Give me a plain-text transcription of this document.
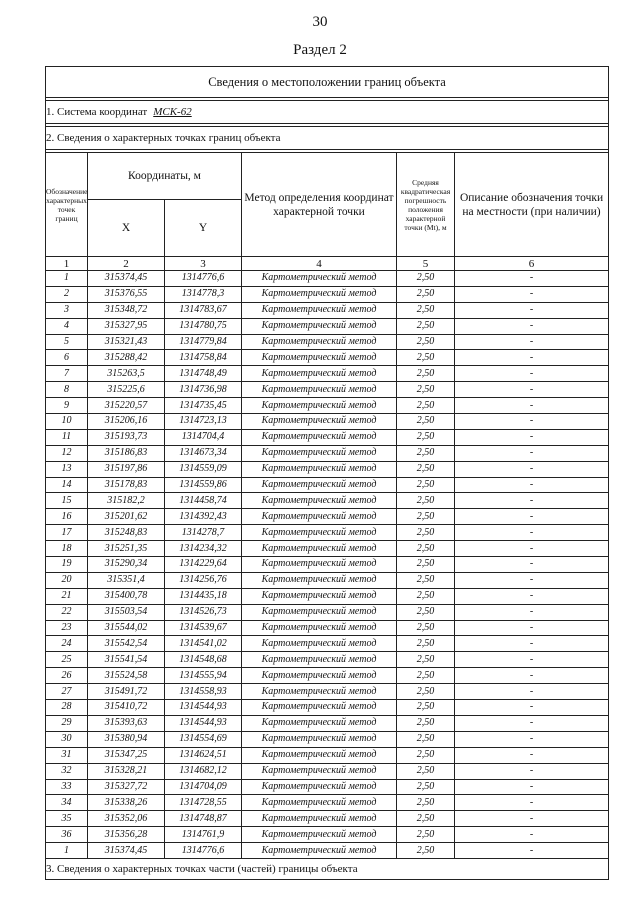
30
Раздел 2
Сведения о местоположении границ объекта					

1. Система координат МСК-62					

2. Сведения о характерных точках границ объекта					

Обозначение характерных точек границ	Координаты, м		Метод определения координат характерной точки	Средняя квадратическая погрешность положения характерной точки (Mt), м	Описание обозначения точки на местности (при наличии)
	X	Y			
1	2	3	4	5	6
1	315374,45	1314776,6	Картометрический метод	2,50	-
2	315376,55	1314778,3	Картометрический метод	2,50	-
3	315348,72	1314783,67	Картометрический метод	2,50	-
4	315327,95	1314780,75	Картометрический метод	2,50	-
5	315321,43	1314779,84	Картометрический метод	2,50	-
6	315288,42	1314758,84	Картометрический метод	2,50	-
7	315263,5	1314748,49	Картометрический метод	2,50	-
8	315225,6	1314736,98	Картометрический метод	2,50	-
9	315220,57	1314735,45	Картометрический метод	2,50	-
10	315206,16	1314723,13	Картометрический метод	2,50	-
11	315193,73	1314704,4	Картометрический метод	2,50	-
12	315186,83	1314673,34	Картометрический метод	2,50	-
13	315197,86	1314559,09	Картометрический метод	2,50	-
14	315178,83	1314559,86	Картометрический метод	2,50	-
15	315182,2	1314458,74	Картометрический метод	2,50	-
16	315201,62	1314392,43	Картометрический метод	2,50	-
17	315248,83	1314278,7	Картометрический метод	2,50	-
18	315251,35	1314234,32	Картометрический метод	2,50	-
19	315290,34	1314229,64	Картометрический метод	2,50	-
20	315351,4	1314256,76	Картометрический метод	2,50	-
21	315400,78	1314435,18	Картометрический метод	2,50	-
22	315503,54	1314526,73	Картометрический метод	2,50	-
23	315544,02	1314539,67	Картометрический метод	2,50	-
24	315542,54	1314541,02	Картометрический метод	2,50	-
25	315541,54	1314548,68	Картометрический метод	2,50	-
26	315524,58	1314555,94	Картометрический метод	2,50	-
27	315491,72	1314558,93	Картометрический метод	2,50	-
28	315410,72	1314544,93	Картометрический метод	2,50	-
29	315393,63	1314544,93	Картометрический метод	2,50	-
30	315380,94	1314554,69	Картометрический метод	2,50	-
31	315347,25	1314624,51	Картометрический метод	2,50	-
32	315328,21	1314682,12	Картометрический метод	2,50	-
33	315327,72	1314704,09	Картометрический метод	2,50	-
34	315338,26	1314728,55	Картометрический метод	2,50	-
35	315352,06	1314748,87	Картометрический метод	2,50	-
36	315356,28	1314761,9	Картометрический метод	2,50	-
1	315374,45	1314776,6	Картометрический метод	2,50	-
3. Сведения о характерных точках части (частей) границы объекта					
